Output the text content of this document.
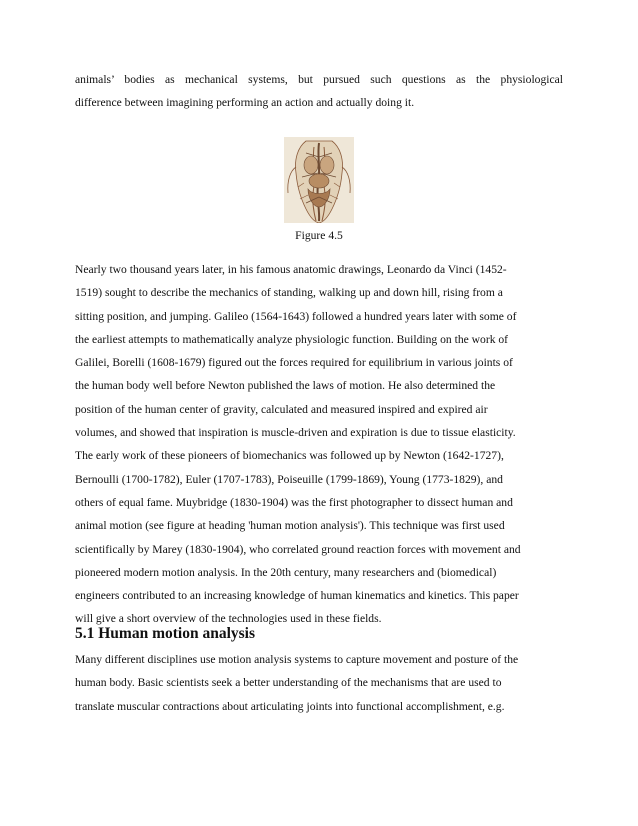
animals’ bodies as mechanical systems, but pursued such questions as the physiological
difference between imagining performing an action and actually doing it.
Figure 4.5
Nearly two thousand years later, in his famous anatomic drawings, Leonardo da Vinci (1452-
1519) sought to describe the mechanics of standing, walking up and down hill, rising from a
sitting position, and jumping. Galileo (1564-1643) followed a hundred years later with some of
the earliest attempts to mathematically analyze physiologic function. Building on the work of
Galilei, Borelli (1608-1679) figured out the forces required for equilibrium in various joints of
the human body well before Newton published the laws of motion. He also determined the
position of the human center of gravity, calculated and measured inspired and expired air
volumes, and showed that inspiration is muscle-driven and expiration is due to tissue elasticity.
The early work of these pioneers of biomechanics was followed up by Newton (1642-1727),
Bernoulli (1700-1782), Euler (1707-1783), Poiseuille (1799-1869), Young (1773-1829), and
others of equal fame. Muybridge (1830-1904) was the first photographer to dissect human and
animal motion (see figure at heading 'human motion analysis'). This technique was first used
scientifically by Marey (1830-1904), who correlated ground reaction forces with movement and
pioneered modern motion analysis. In the 20th century, many researchers and (biomedical)
engineers contributed to an increasing knowledge of human kinematics and kinetics. This paper
will give a short overview of the technologies used in these fields.
5.1 Human motion analysis
Many different disciplines use motion analysis systems to capture movement and posture of the
human body. Basic scientists seek a better understanding of the mechanisms that are used to
translate muscular contractions about articulating joints into functional accomplishment, e.g.
